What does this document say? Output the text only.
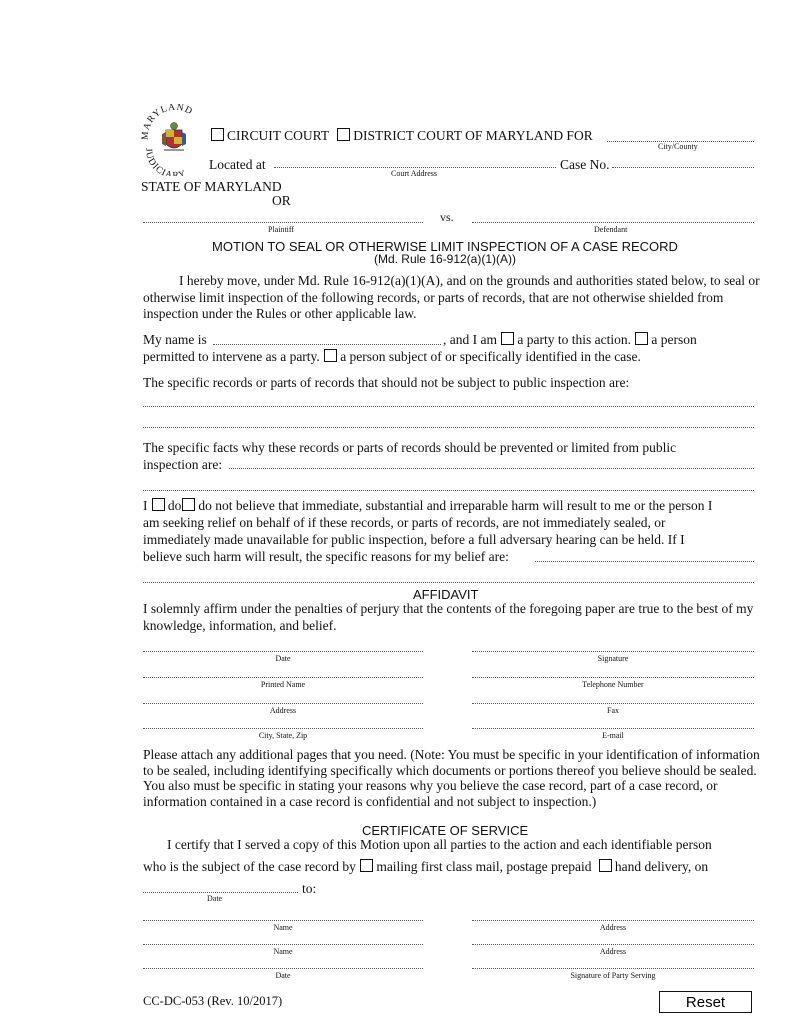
MARYLAND
JUDICIA Y
CIRCUIT COURT DISTRICT COURT OF MARYLAND FOR
City/County
Located at
Court Address
Case No.
STATE OF MARYLAND
OR
Plaintiff
vs.
Defendant
MOTION TO SEAL OR OTHERWISE LIMIT INSPECTION OF A CASE RECORD
(Md. Rule 16-912(a)(1)(A))
I hereby move, under Md. Rule 16-912(a)(1)(A), and on the grounds and authorities stated below, to seal or otherwise limit inspection of the following records, or parts of records, that are not otherwise shielded from inspection under the Rules or other applicable law.
My name is	, and I am a party to this action. a person
permitted to intervene as a party. a person subject of or specifically identified in the case.
The specific records or parts of records that should not be subject to public inspection are:
The specific facts why these records or parts of records should be prevented or limited from public
inspection are:
I do do not believe that immediate, substantial and irreparable harm will result to me or the person I
am seeking relief on behalf of if these records, or parts of records, are not immediately sealed, or
immediately made unavailable for public inspection, before a full adversary hearing can be held. If I
believe such harm will result, the specific reasons for my belief are:
AFFIDAVIT
I solemnly affirm under the penalties of perjury that the contents of the foregoing paper are true to the best of my knowledge, information, and belief.
Date	Signature
Printed Name	Telephone Number
Address	Fax
City, State, Zip	E-mail
Please attach any additional pages that you need. (Note: You must be specific in your identification of information to be sealed, including identifying specifically which documents or portions thereof you believe should be sealed. You also must be specific in stating your reasons why you believe the case record, part of a case record, or information contained in a case record is confidential and not subject to inspection.)
CERTIFICATE OF SERVICE
I certify that I served a copy of this Motion upon all parties to the action and each identifiable person
who is the subject of the case record by mailing first class mail, postage prepaid hand delivery, on
Date
to:
Name	Address
Name	Address
Date	Signature of Party Serving
CC-DC-053 (Rev. 10/2017)	Reset
